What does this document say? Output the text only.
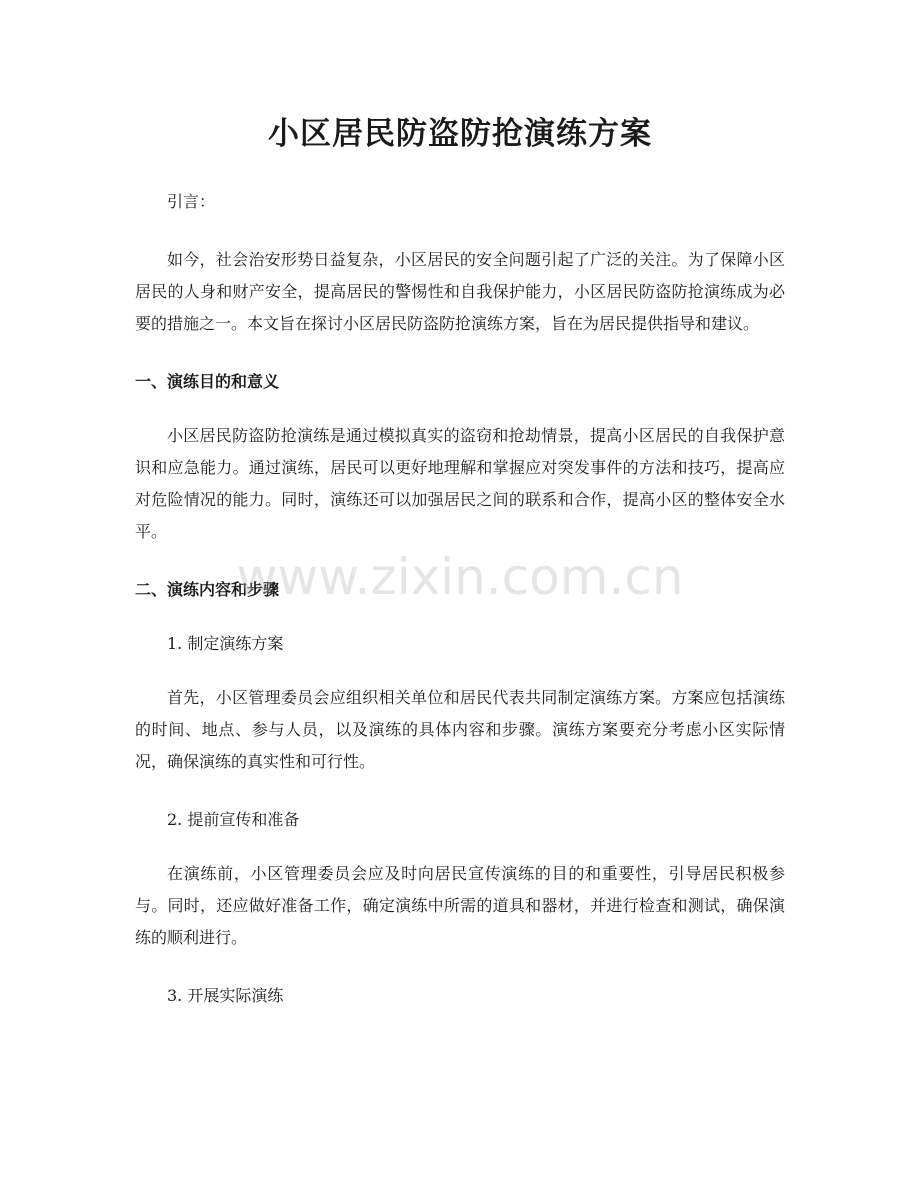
小区居民防盗防抢演练方案

引言：

如今，社会治安形势日益复杂，小区居民的安全问题引起了广泛的关注。为了保障小区居民的人身和财产安全，提高居民的警惕性和自我保护能力，小区居民防盗防抢演练成为必要的措施之一。本文旨在探讨小区居民防盗防抢演练方案，旨在为居民提供指导和建议。

一、演练目的和意义

小区居民防盗防抢演练是通过模拟真实的盗窃和抢劫情景，提高小区居民的自我保护意识和应急能力。通过演练，居民可以更好地理解和掌握应对突发事件的方法和技巧，提高应对危险情况的能力。同时，演练还可以加强居民之间的联系和合作，提高小区的整体安全水平。

二、演练内容和步骤
1. 制定演练方案

首先，小区管理委员会应组织相关单位和居民代表共同制定演练方案。方案应包括演练的时间、地点、参与人员，以及演练的具体内容和步骤。演练方案要充分考虑小区实际情况，确保演练的真实性和可行性。

2. 提前宣传和准备

在演练前，小区管理委员会应及时向居民宣传演练的目的和重要性，引导居民积极参与。同时，还应做好准备工作，确定演练中所需的道具和器材，并进行检查和测试，确保演练的顺利进行。

3. 开展实际演练
www.zixin.com.cn
